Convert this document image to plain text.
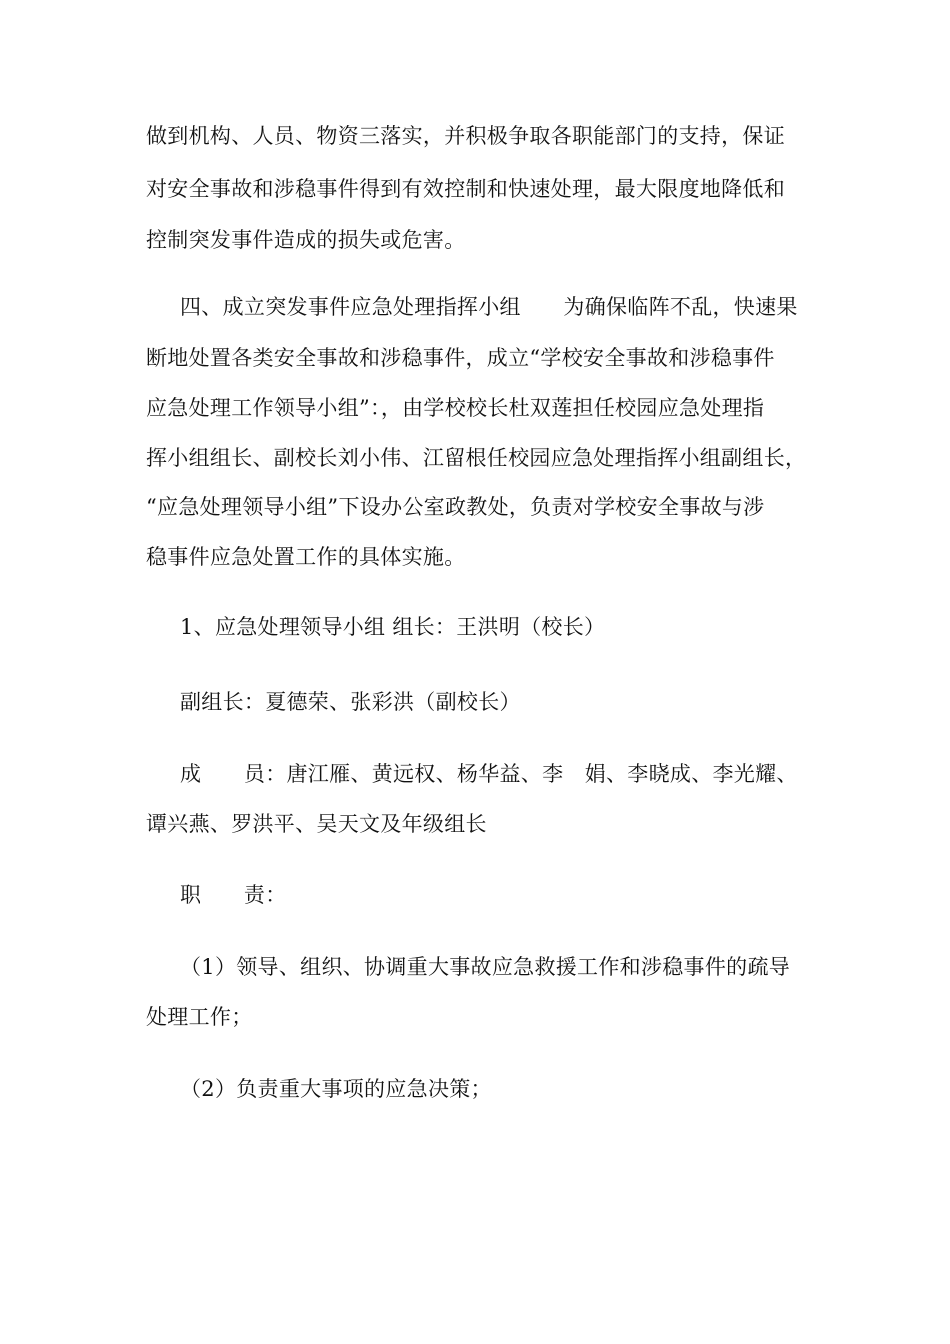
做到机构、人员、物资三落实，并积极争取各职能部门的支持，保证
对安全事故和涉稳事件得到有效控制和快速处理，最大限度地降低和
控制突发事件造成的损失或危害。
四、成立突发事件应急处理指挥小组　　为确保临阵不乱，快速果
断地处置各类安全事故和涉稳事件，成立“学校安全事故和涉稳事件
应急处理工作领导小组”：，由学校校长杜双莲担任校园应急处理指
挥小组组长、副校长刘小伟、江留根任校园应急处理指挥小组副组长，
“应急处理领导小组”下设办公室政教处，负责对学校安全事故与涉
稳事件应急处置工作的具体实施。
1、应急处理领导小组 组长：王洪明（校长）
副组长：夏德荣、张彩洪（副校长）
成　　员：唐江雁、黄远权、杨华益、李　娟、李晓成、李光耀、
谭兴燕、罗洪平、吴天文及年级组长
职　　责：
（1）领导、组织、协调重大事故应急救援工作和涉稳事件的疏导
处理工作；
（2）负责重大事项的应急决策；
